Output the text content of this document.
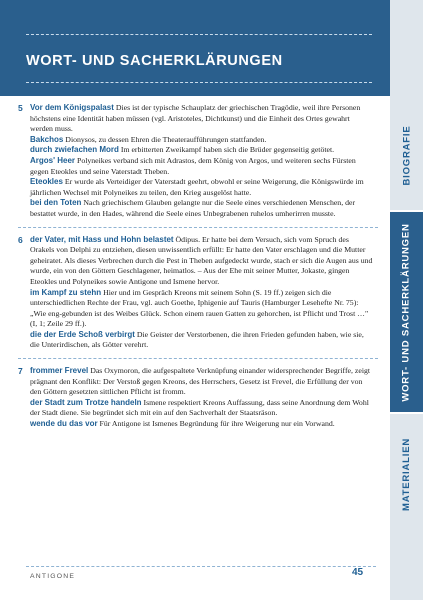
WORT- UND SACHERKLÄRUNGEN
5 Vor dem Königspalast Dies ist der typische Schauplatz der griechischen Tragödie, weil ihre Personen höchstens eine Identität haben müssen (vgl. Aristoteles, Dichtkunst) und die Einheit des Ortes gewahrt werden muss.

Bakchos Dionysos, zu dessen Ehren die Theateraufführungen stattfanden.

durch zwiefachen Mord Im erbitterten Zweikampf haben sich die Brüder gegenseitig getötet.

Argos' Heer Polyneikes verband sich mit Adrastos, dem König von Argos, und weiteren sechs Fürsten gegen Eteokles und seine Vaterstadt Theben.

Eteokles Er wurde als Verteidiger der Vaterstadt geehrt, obwohl er seine Weigerung, die Königswürde im jährlichen Wechsel mit Polyneikes zu teilen, den Krieg ausgelöst hatte.

bei den Toten Nach griechischem Glauben gelangte nur die Seele eines verschiedenen Menschen, der bestattet wurde, in den Hades, während die Seele eines Unbegrabenen ruhelos umherirren musste.

6 der Vater, mit Hass und Hohn belastet Ödipus. Er hatte bei dem Versuch, sich vom Spruch des Orakels von Delphi zu entziehen, diesen unwissentlich erfüllt: Er hatte den Vater erschlagen und die Mutter geheiratet. Als dieses Verbrechen durch die Pest in Theben aufgedeckt wurde, stach er sich die Augen aus und wurde, ein von den Göttern Geschlagener, heimatlos. – Aus der Ehe mit seiner Mutter, Jokaste, gingen Eteokles und Polyneikes sowie Antigone und Ismene hervor.

im Kampf zu stehn Hier und im Gespräch Kreons mit seinem Sohn (S. 19 ff.) zeigen sich die unterschiedlichen Rechte der Frau, vgl. auch Goethe, Iphigenie auf Tauris (Hamburger Lesehefte Nr. 75): „Wie eng-gebunden ist des Weibes Glück. Schon einem rauen Gatten zu gehorchen, ist Pflicht und Trost …" (I, 1; Zeile 29 ff.).

die der Erde Schoß verbirgt Die Geister der Verstorbenen, die ihren Frieden gefunden haben, wie sie, die Unterirdischen, als Götter verehrt.

7 frommer Frevel Das Oxymoron, die aufgespaltete Verknüpfung einander widersprechender Begriffe, zeigt prägnant den Konflikt: Der Verstoß gegen Kreons, des Herrschers, Gesetz ist Frevel, die Erfüllung der von den Göttern gesetzten sittlichen Pflicht ist fromm.

der Stadt zum Trotze handeln Ismene respektiert Kreons Auffassung, dass seine Anordnung dem Wohl der Stadt diene. Sie begründet sich mit ein auf den Sachverhalt der Staatsräson.

wende du das vor Für Antigone ist Ismenes Begründung für ihre Weigerung nur ein Vorwand.

BIOGRAFIE
WORT- UND SACHERKLÄRUNGEN
MATERIALIEN
ANTIGONE	45
